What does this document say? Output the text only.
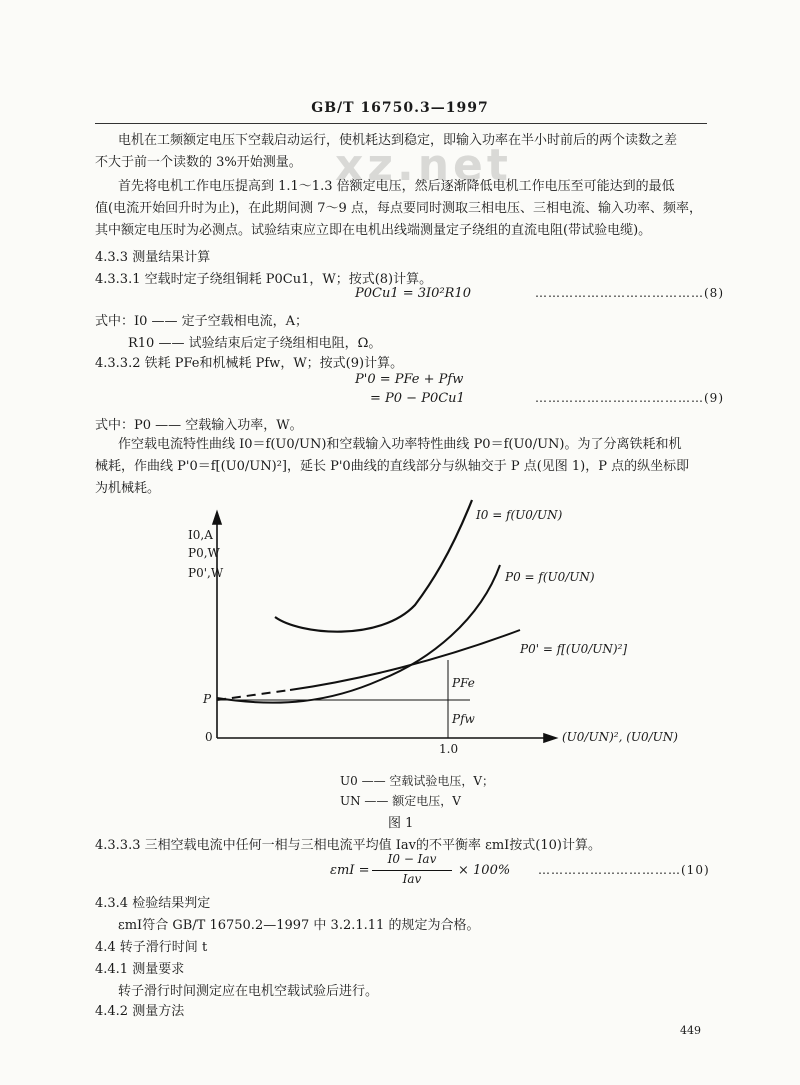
GB/T 16750.3—1997
xz.net
电机在工频额定电压下空载启动运行，使机耗达到稳定，即输入功率在半小时前后的两个读数之差
不大于前一个读数的 3%开始测量。
首先将电机工作电压提高到 1.1～1.3 倍额定电压，然后逐渐降低电机工作电压至可能达到的最低
值(电流开始回升时为止)，在此期间测 7～9 点，每点要同时测取三相电压、三相电流、输入功率、频率，
其中额定电压时为必测点。试验结束应立即在电机出线端测量定子绕组的直流电阻(带试验电缆)。
4.3.3 测量结果计算
4.3.3.1 空载时定子绕组铜耗 P0Cu1，W；按式(8)计算。
P0Cu1 = 3I0²R10	…………………………………(8)
式中：I0 —— 定子空载相电流，A；
R10 —— 试验结束后定子绕组相电阻，Ω。
4.3.3.2 铁耗 PFe和机械耗 Pfw，W；按式(9)计算。
P'0 = PFe + Pfw
= P0 − P0Cu1	…………………………………(9)
式中：P0 —— 空载输入功率，W。
作空载电流特性曲线 I0＝f(U0/UN)和空载输入功率特性曲线 P0＝f(U0/UN)。为了分离铁耗和机
械耗，作曲线 P'0＝f[(U0/UN)²]，延长 P'0曲线的直线部分与纵轴交于 P 点(见图 1)，P 点的纵坐标即
为机械耗。
I0,A
P0,W
P0',W
I0 = f(U0/UN)
P0 = f(U0/UN)
P0' = f[(U0/UN)²]
P
0
1.0
(U0/UN)², (U0/UN)
PFe
Pfw
U0 —— 空载试验电压，V；
UN —— 额定电压，V
图 1
4.3.3.3 三相空载电流中任何一相与三相电流平均值 Iav的不平衡率 εmI按式(10)计算。
εmI =
I0 − Iav
Iav
× 100% ……………………………(10)
4.3.4 检验结果判定
εmI符合 GB/T 16750.2—1997 中 3.2.1.11 的规定为合格。
4.4 转子滑行时间 t
4.4.1 测量要求
转子滑行时间测定应在电机空载试验后进行。
4.4.2 测量方法
449
